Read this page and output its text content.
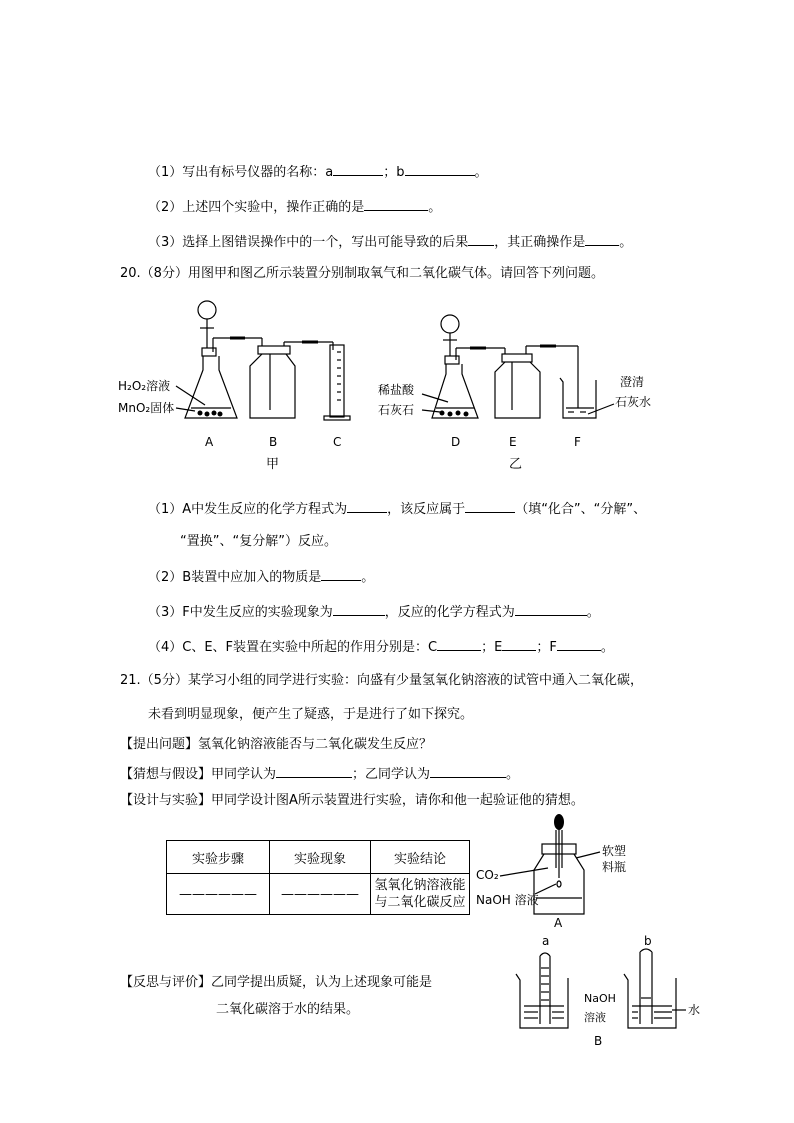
（1）写出有标号仪器的名称：a	；b	。
（2）上述四个实验中，操作正确的是	。
（3）选择上图错误操作中的一个，写出可能导致的后果 ，其正确操作是	。
20.（8分）用图甲和图乙所示装置分别制取氧气和二氧化碳气体。请回答下列问题。
H₂O₂溶液
MnO₂固体
稀盐酸
石灰石
澄清
石灰水
A	B	C	D	E	F
甲	乙
（1）A中发生反应的化学方程式为	，该反应属于	（填“化合”、“分解”、
“置换”、“复分解”）反应。
（2）B装置中应加入的物质是	。
（3）F中发生反应的实验现象为	，反应的化学方程式为	。
（4）C、E、F装置在实验中所起的作用分别是：C	；E	；F	。
21.（5分）某学习小组的同学进行实验：向盛有少量氢氧化钠溶液的试管中通入二氧化碳，
未看到明显现象，便产生了疑惑，于是进行了如下探究。
【提出问题】氢氧化钠溶液能否与二氧化碳发生反应？
【猜想与假设】甲同学认为	；乙同学认为	。
【设计与实验】甲同学设计图A所示装置进行实验，请你和他一起验证他的猜想。
实验步骤	实验现象	实验结论
——————	——————	氢氧化钠溶液能
与二氧化碳反应
CO₂
NaOH 溶液
软塑
料瓶
A
a	b
NaOH
溶液
水
B
【反思与评价】乙同学提出质疑，认为上述现象可能是
二氧化碳溶于水的结果。
